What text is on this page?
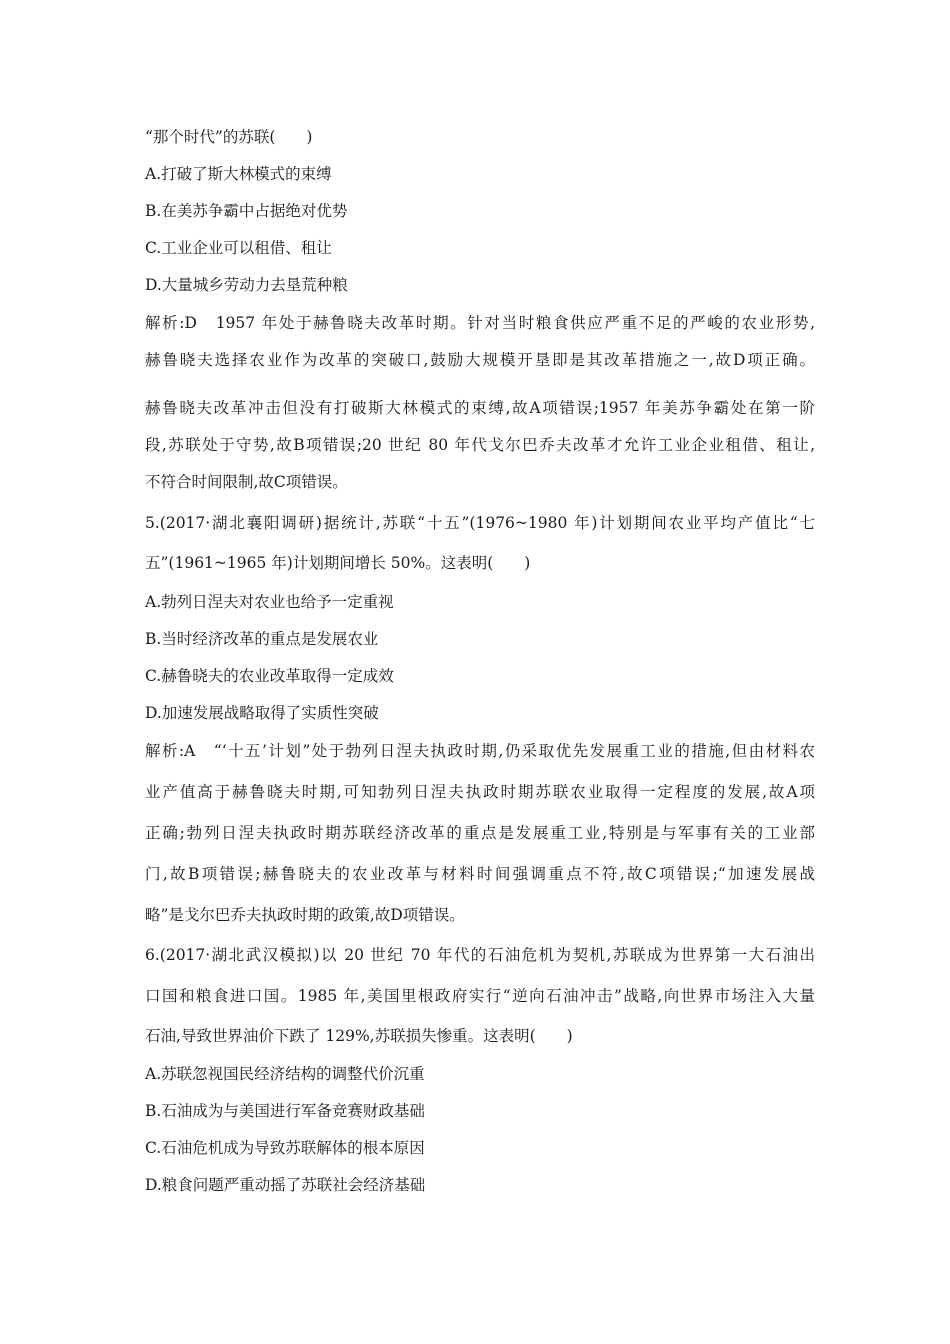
“那个时代”的苏联(　　)
A.打破了斯大林模式的束缚
B.在美苏争霸中占据绝对优势
C.工业企业可以租借、租让
D.大量城乡劳动力去垦荒种粮
解析:D　1957 年处于赫鲁晓夫改革时期。针对当时粮食供应严重不足的严峻的农业形势,
赫鲁晓夫选择农业作为改革的突破口,鼓励大规模开垦即是其改革措施之一,故D项正确。
赫鲁晓夫改革冲击但没有打破斯大林模式的束缚,故A项错误;1957 年美苏争霸处在第一阶
段,苏联处于守势,故B项错误;20 世纪 80 年代戈尔巴乔夫改革才允许工业企业租借、租让,
不符合时间限制,故C项错误。
5.(2017·湖北襄阳调研)据统计,苏联“十五”(1976~1980 年)计划期间农业平均产值比“七
五”(1961~1965 年)计划期间增长 50%。这表明(　　)
A.勃列日涅夫对农业也给予一定重视
B.当时经济改革的重点是发展农业
C.赫鲁晓夫的农业改革取得一定成效
D.加速发展战略取得了实质性突破
解析:A　“‘十五’计划”处于勃列日涅夫执政时期,仍采取优先发展重工业的措施,但由材料农
业产值高于赫鲁晓夫时期,可知勃列日涅夫执政时期苏联农业取得一定程度的发展,故A项
正确;勃列日涅夫执政时期苏联经济改革的重点是发展重工业,特别是与军事有关的工业部
门,故B项错误;赫鲁晓夫的农业改革与材料时间强调重点不符,故C项错误;“加速发展战
略”是戈尔巴乔夫执政时期的政策,故D项错误。
6.(2017·湖北武汉模拟)以 20 世纪 70 年代的石油危机为契机,苏联成为世界第一大石油出
口国和粮食进口国。1985 年,美国里根政府实行“逆向石油冲击”战略,向世界市场注入大量
石油,导致世界油价下跌了 129%,苏联损失惨重。这表明(　　)
A.苏联忽视国民经济结构的调整代价沉重
B.石油成为与美国进行军备竞赛财政基础
C.石油危机成为导致苏联解体的根本原因
D.粮食问题严重动摇了苏联社会经济基础
